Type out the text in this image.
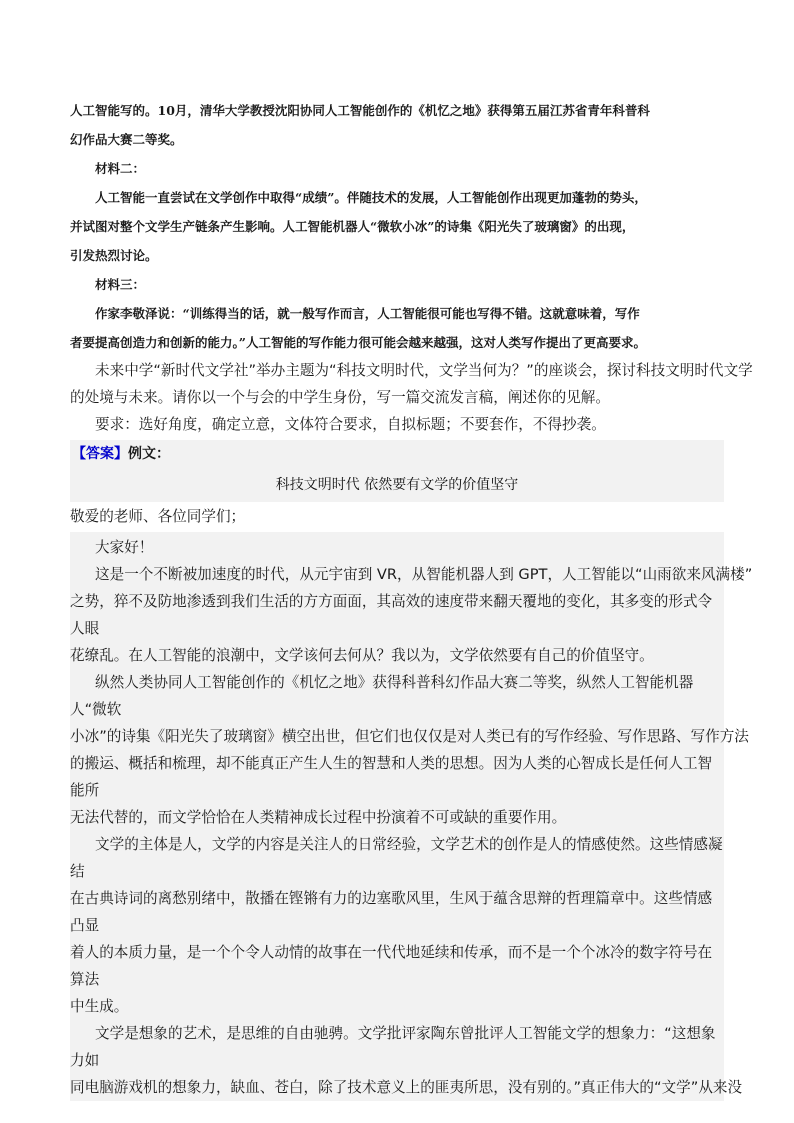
人工智能写的。10月，清华大学教授沈阳协同人工智能创作的《机忆之地》获得第五届江苏省青年科普科

幻作品大赛二等奖。

材料二：

人工智能一直尝试在文学创作中取得“成绩”。伴随技术的发展，人工智能创作出现更加蓬勃的势头，

并试图对整个文学生产链条产生影响。人工智能机器人“微软小冰”的诗集《阳光失了玻璃窗》的出现，

引发热烈讨论。

材料三：

作家李敬泽说：“训练得当的话，就一般写作而言，人工智能很可能也写得不错。这就意味着，写作

者要提高创造力和创新的能力。”人工智能的写作能力很可能会越来越强，这对人类写作提出了更高要求。

未来中学“新时代文学社”举办主题为“科技文明时代，文学当何为？”的座谈会，探讨科技文明时代文学

的处境与未来。请你以一个与会的中学生身份，写一篇交流发言稿，阐述你的见解。

要求：选好角度，确定立意，文体符合要求，自拟标题；不要套作，不得抄袭。

【答案】例文：
科技文明时代 依然要有文学的价值坚守

敬爱的老师、各位同学们；

大家好！

这是一个不断被加速度的时代，从元宇宙到 VR，从智能机器人到 GPT，人工智能以“山雨欲来风满楼”

之势，猝不及防地渗透到我们生活的方方面面，其高效的速度带来翻天覆地的变化，其多变的形式令人眼

花缭乱。在人工智能的浪潮中，文学该何去何从？我以为，文学依然要有自己的价值坚守。

纵然人类协同人工智能创作的《机忆之地》获得科普科幻作品大赛二等奖，纵然人工智能机器人“微软

小冰”的诗集《阳光失了玻璃窗》横空出世，但它们也仅仅是对人类已有的写作经验、写作思路、写作方法

的搬运、概括和梳理，却不能真正产生人生的智慧和人类的思想。因为人类的心智成长是任何人工智能所

无法代替的，而文学恰恰在人类精神成长过程中扮演着不可或缺的重要作用。

文学的主体是人，文学的内容是关注人的日常经验，文学艺术的创作是人的情感使然。这些情感凝结

在古典诗词的离愁别绪中，散播在铿锵有力的边塞歌风里，生风于蕴含思辩的哲理篇章中。这些情感凸显

着人的本质力量，是一个个令人动情的故事在一代代地延续和传承，而不是一个个冰冷的数字符号在算法

中生成。

文学是想象的艺术，是思维的自由驰骋。文学批评家陶东曾批评人工智能文学的想象力：“这想象力如

同电脑游戏机的想象力，缺血、苍白，除了技术意义上的匪夷所思，没有别的。”真正伟大的“文学”从来没
